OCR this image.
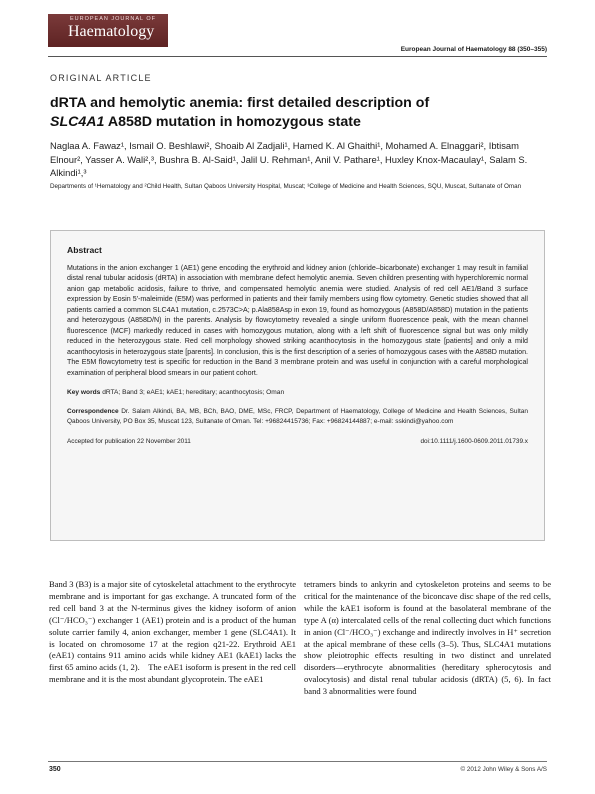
EUROPEAN JOURNAL OF
Haematology
European Journal of Haematology 88 (350–355)
ORIGINAL ARTICLE
dRTA and hemolytic anemia: first detailed description of
SLC4A1 A858D mutation in homozygous state

Naglaa A. Fawaz¹, Ismail O. Beshlawi², Shoaib Al Zadjali¹, Hamed K. Al Ghaithi¹, Mohamed A. Elnaggari², Ibtisam Elnour², Yasser A. Wali²,³, Bushra B. Al-Said¹, Jalil U. Rehman¹, Anil V. Pathare¹, Huxley Knox-Macaulay¹, Salam S. Alkindi¹,³

Departments of ¹Hematology and ²Child Health, Sultan Qaboos University Hospital, Muscat; ³College of Medicine and Health Sciences, SQU, Muscat, Sultanate of Oman

Abstract

Mutations in the anion exchanger 1 (AE1) gene encoding the erythroid and kidney anion (chloride–bicarbonate) exchanger 1 may result in familial distal renal tubular acidosis (dRTA) in association with membrane defect hemolytic anemia. Seven children presenting with hyperchloremic normal anion gap metabolic acidosis, failure to thrive, and compensated hemolytic anemia were studied. Analysis of red cell AE1/Band 3 surface expression by Eosin 5′-maleimide (E5M) was performed in patients and their family members using flow cytometry. Genetic studies showed that all patients carried a common SLC4A1 mutation, c.2573C>A; p.Ala858Asp in exon 19, found as homozygous (A858D/A858D) mutation in the patients and heterozygous (A858D/N) in the parents. Analysis by flowcytometry revealed a single uniform fluorescence peak, with the mean channel fluorescence (MCF) markedly reduced in cases with homozygous mutation, along with a left shift of fluorescence signal but was only mildly reduced in the heterozygous state. Red cell morphology showed striking acanthocytosis in the homozygous state [patients] and only a mild acanthocytosis in heterozygous state [parents]. In conclusion, this is the first description of a series of homozygous cases with the A858D mutation. The E5M flowcytometry test is specific for reduction in the Band 3 membrane protein and was useful in conjunction with a careful morphological examination of peripheral blood smears in our patient cohort.

Key words dRTA; Band 3; eAE1; kAE1; hereditary; acanthocytosis; Oman

Correspondence Dr. Salam Alkindi, BA, MB, BCh, BAO, DME, MSc, FRCP, Department of Haematology, College of Medicine and Health Sciences, Sultan Qaboos University, PO Box 35, Muscat 123, Sultanate of Oman. Tel: +96824415736; Fax: +96824144887; e-mail: sskindi@yahoo.com

Accepted for publication 22 November 2011	doi:10.1111/j.1600-0609.2011.01739.x

Band 3 (B3) is a major site of cytoskeletal attachment to the erythrocyte membrane and is important for gas exchange. A truncated form of the red cell band 3 at the N-terminus gives the kidney isoform of anion (Cl⁻/HCO₃⁻) exchanger 1 (AE1) protein and is a product of the human solute carrier family 4, anion exchanger, member 1 gene (SLC4A1). It is located on chromosome 17 at the region q21-22. Erythroid AE1 (eAE1) contains 911 amino acids while kidney AE1 (kAE1) lacks the first 65 amino acids (1, 2). The eAE1 isoform is present in the red cell membrane and it is the most abundant glycoprotein. The eAE1

tetramers binds to ankyrin and cytoskeleton proteins and seems to be critical for the maintenance of the biconcave disc shape of the red cells, while the kAE1 isoform is found at the basolateral membrane of the type A (α) intercalated cells of the renal collecting duct which functions in anion (Cl⁻/HCO₃⁻) exchange and indirectly involves in H⁺ secretion at the apical membrane of these cells (3–5). Thus, SLC4A1 mutations show pleiotrophic effects resulting in two distinct and unrelated disorders—erythrocyte abnormalities (hereditary spherocytosis and ovalocytosis) and distal renal tubular acidosis (dRTA) (5, 6). In fact band 3 abnormalities were found

350	© 2012 John Wiley & Sons A/S
